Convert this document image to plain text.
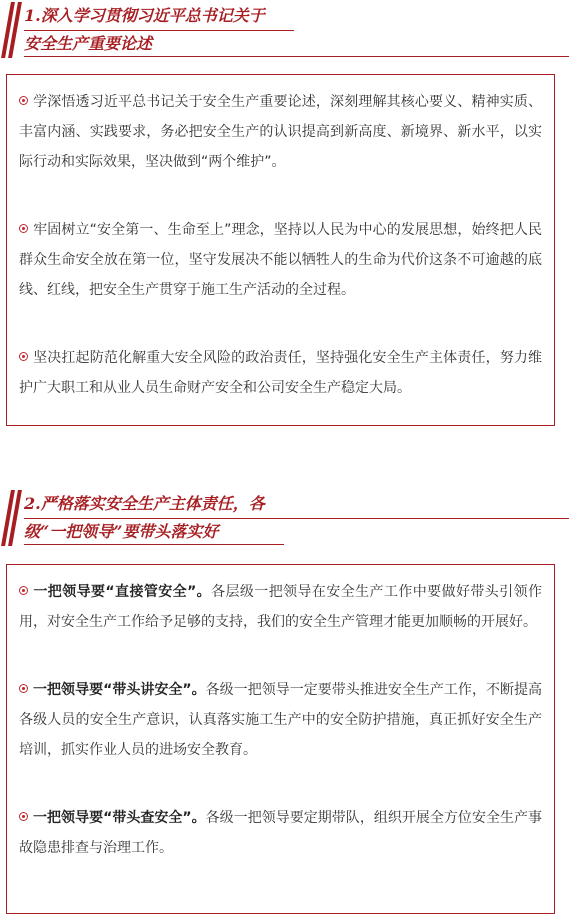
1.深入学习贯彻习近平总书记关于
安全生产重要论述

学深悟透习近平总书记关于安全生产重要论述，深刻理解其核心要义、精神实质、丰富内涵、实践要求，务必把安全生产的认识提高到新高度、新境界、新水平，以实际行动和实际效果，坚决做到“两个维护”。

牢固树立“安全第一、生命至上”理念，坚持以人民为中心的发展思想，始终把人民群众生命安全放在第一位，坚守发展决不能以牺牲人的生命为代价这条不可逾越的底线、红线，把安全生产贯穿于施工生产活动的全过程。

坚决扛起防范化解重大安全风险的政治责任，坚持强化安全生产主体责任，努力维护广大职工和从业人员生命财产安全和公司安全生产稳定大局。

2.严格落实安全生产主体责任，各
级“一把领导”要带头落实好

一把领导要“直接管安全”。各层级一把领导在安全生产工作中要做好带头引领作用，对安全生产工作给予足够的支持，我们的安全生产管理才能更加顺畅的开展好。

一把领导要“带头讲安全”。各级一把领导一定要带头推进安全生产工作，不断提高各级人员的安全生产意识，认真落实施工生产中的安全防护措施，真正抓好安全生产培训，抓实作业人员的进场安全教育。

一把领导要“带头查安全”。各级一把领导要定期带队，组织开展全方位安全生产事故隐患排查与治理工作。
